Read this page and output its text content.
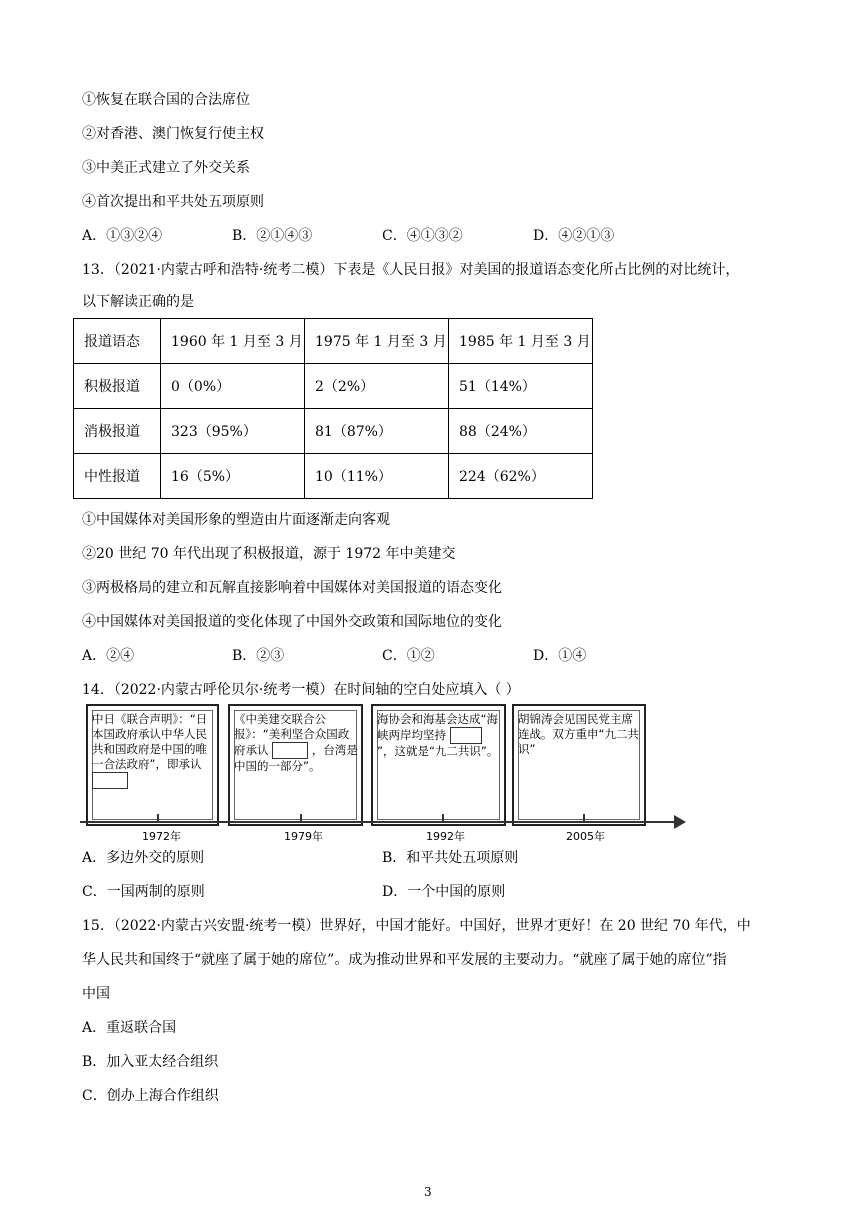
①恢复在联合国的合法席位
②对香港、澳门恢复行使主权
③中美正式建立了外交关系
④首次提出和平共处五项原则
A．①③②④	B．②①④③	C．④①③②	D．④②①③
13．（2021·内蒙古呼和浩特·统考二模）下表是《人民日报》对美国的报道语态变化所占比例的对比统计，
以下解读正确的是
报道语态	1960 年 1 月至 3 月	1975 年 1 月至 3 月	1985 年 1 月至 3 月
积极报道	0（0%）	2（2%）	51（14%）
消极报道	323（95%）	81（87%）	88（24%）
中性报道	16（5%）	10（11%）	224（62%）
①中国媒体对美国形象的塑造由片面逐渐走向客观
②20 世纪 70 年代出现了积极报道，源于 1972 年中美建交
③两极格局的建立和瓦解直接影响着中国媒体对美国报道的语态变化
④中国媒体对美国报道的变化体现了中国外交政策和国际地位的变化
A．②④	B．②③	C．①②	D．①④
14．（2022·内蒙古呼伦贝尔·统考一模）在时间轴的空白处应填入（ ）
中日《联合声明》：“日本国政府承认中华人民共和国政府是中国的唯一合法政府”，即承认

《中美建交联合公报》：“美利坚合众国政府承认	，台湾是中国的一部分”。
海协会和海基会达成“海峡两岸均坚持  ”，这就是“九二共识”。
胡锦涛会见国民党主席连战。双方重申“九二共识”
1972年	1979年	1992年	2005年
A．多边外交的原则	B．和平共处五项原则
C．一国两制的原则	D．一个中国的原则
15．（2022·内蒙古兴安盟·统考一模）世界好，中国才能好。中国好，世界才更好！在 20 世纪 70 年代，中
华人民共和国终于“就座了属于她的席位”。成为推动世界和平发展的主要动力。“就座了属于她的席位”指
中国
A．重返联合国
B．加入亚太经合组织
C．创办上海合作组织
3
